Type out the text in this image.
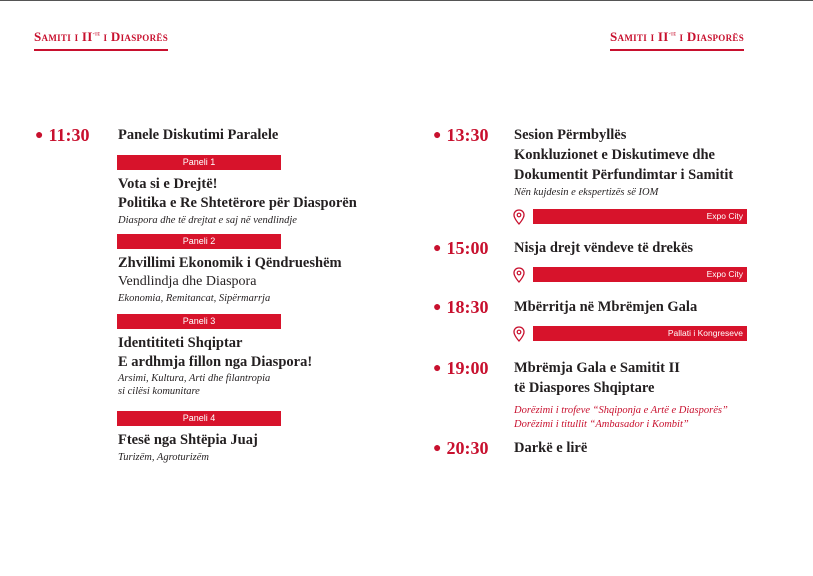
Samiti i $II^{-të}$ i Diasporës	Samiti i $II^{-të}$ i Diasporës
● 11:30 Panele Diskutimi Paralele
Paneli 1
Vota si e Drejtë!
Politika e Re Shtetërore për Diasporën
Diaspora dhe të drejtat e saj në vendlindje
Paneli 2
Zhvillimi Ekonomik i Qëndrueshëm
Vendlindja dhe Diaspora
Ekonomia, Remitancat, Sipërmarrja
Paneli 3
Identititeti Shqiptar
E ardhmja fillon nga Diaspora!
Arsimi, Kultura, Arti dhe filantropia
si cilësi komunitare
Paneli 4
Ftesë nga Shtëpia Juaj
Turizëm, Agroturizëm
● 13:30 Sesion Përmbyllës
Konkluzionet e Diskutimeve dhe
Dokumentit Përfundimtar i Samitit
Nën kujdesin e ekspertizës së IOM
Expo City
● 15:00 Nisja drejt vëndeve të drekës
Expo City
● 18:30 Mbërritja në Mbrëmjen Gala
Pallati i Kongreseve
● 19:00 Mbrëmja Gala e Samitit II
të Diaspores Shqiptare
Dorëzimi i trofeve “Shqiponja e Artë e Diasporës”
Dorëzimi i titullit “Ambasador i Kombit”
● 20:30 Darkë e lirë
